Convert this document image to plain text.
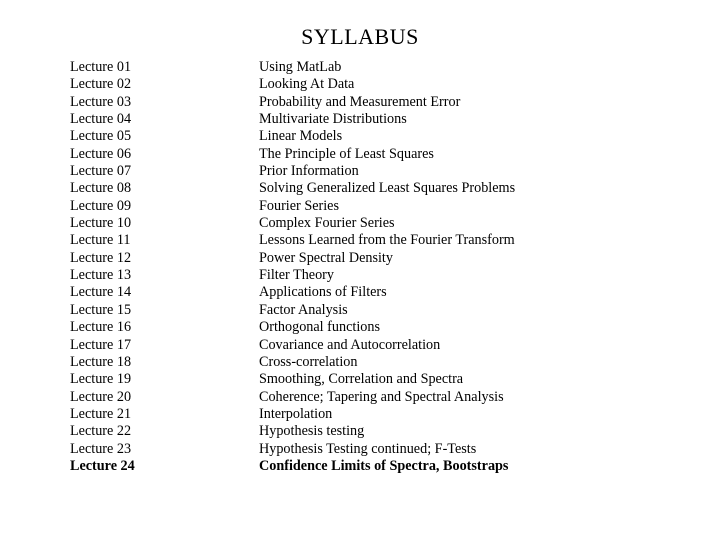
SYLLABUS
Lecture 01	Using MatLab
Lecture 02	Looking At Data
Lecture 03	Probability and Measurement Error
Lecture 04	Multivariate Distributions
Lecture 05	Linear Models
Lecture 06	The Principle of Least Squares
Lecture 07	Prior Information
Lecture 08	Solving Generalized Least Squares Problems
Lecture 09	Fourier Series
Lecture 10	Complex Fourier Series
Lecture 11	Lessons Learned from the Fourier Transform
Lecture 12	Power Spectral Density
Lecture 13	Filter Theory
Lecture 14	Applications of Filters
Lecture 15	Factor Analysis
Lecture 16	Orthogonal functions
Lecture 17	Covariance and Autocorrelation
Lecture 18	Cross-correlation
Lecture 19	Smoothing, Correlation and Spectra
Lecture 20	Coherence; Tapering and Spectral Analysis
Lecture 21	Interpolation
Lecture 22	Hypothesis testing
Lecture 23	Hypothesis Testing continued; F-Tests
Lecture 24	Confidence Limits of Spectra, Bootstraps
